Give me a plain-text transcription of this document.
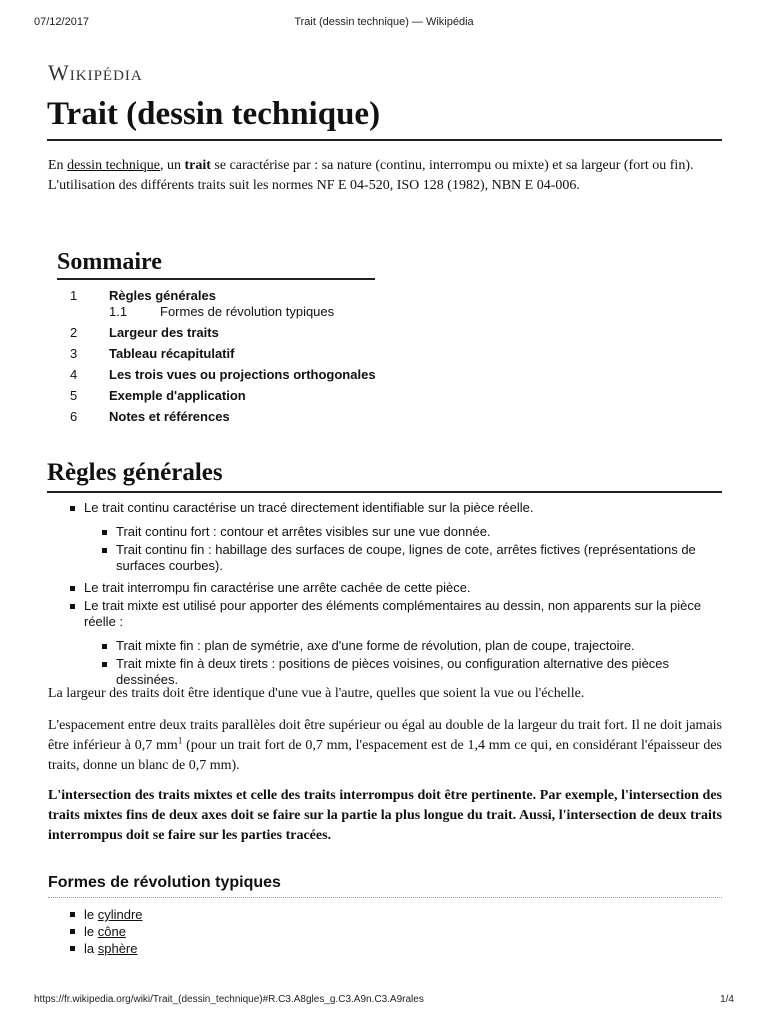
07/12/2017	Trait (dessin technique) — Wikipédia
Wikipédia
Trait (dessin technique)

En dessin technique, un trait se caractérise par : sa nature (continu, interrompu ou mixte) et sa largeur (fort ou fin). L'utilisation des différents traits suit les normes NF E 04-520, ISO 128 (1982), NBN E 04-006.

Sommaire
1 Règles générales
1.1	Formes de révolution typiques
2 Largeur des traits
3 Tableau récapitulatif
4 Les trois vues ou projections orthogonales
5 Exemple d'application
6 Notes et références
Règles générales
Le trait continu caractérise un tracé directement identifiable sur la pièce réelle.
Trait continu fort : contour et arrêtes visibles sur une vue donnée.
Trait continu fin : habillage des surfaces de coupe, lignes de cote, arrêtes fictives (représentations de surfaces courbes).
Le trait interrompu fin caractérise une arrête cachée de cette pièce.
Le trait mixte est utilisé pour apporter des éléments complémentaires au dessin, non apparents sur la pièce réelle :
Trait mixte fin : plan de symétrie, axe d'une forme de révolution, plan de coupe, trajectoire.
Trait mixte fin à deux tirets : positions de pièces voisines, ou configuration alternative des pièces dessinées.

La largeur des traits doit être identique d'une vue à l'autre, quelles que soient la vue ou l'échelle.

L'espacement entre deux traits parallèles doit être supérieur ou égal au double de la largeur du trait fort. Il ne doit jamais être inférieur à 0,7 $mm^1$ (pour un trait fort de 0,7 mm, l'espacement est de 1,4 mm ce qui, en considérant l'épaisseur des traits, donne un blanc de 0,7 mm).

L'intersection des traits mixtes et celle des traits interrompus doit être pertinente. Par exemple, l'intersection des traits mixtes fins de deux axes doit se faire sur la partie la plus longue du trait. Aussi, l'intersection de deux traits interrompus doit se faire sur les parties tracées.

Formes de révolution typiques
le cylindre
le cône
la sphère
https://fr.wikipedia.org/wiki/Trait_(dessin_technique)#R.C3.A8gles_g.C3.A9n.C3.A9rales	1/4
